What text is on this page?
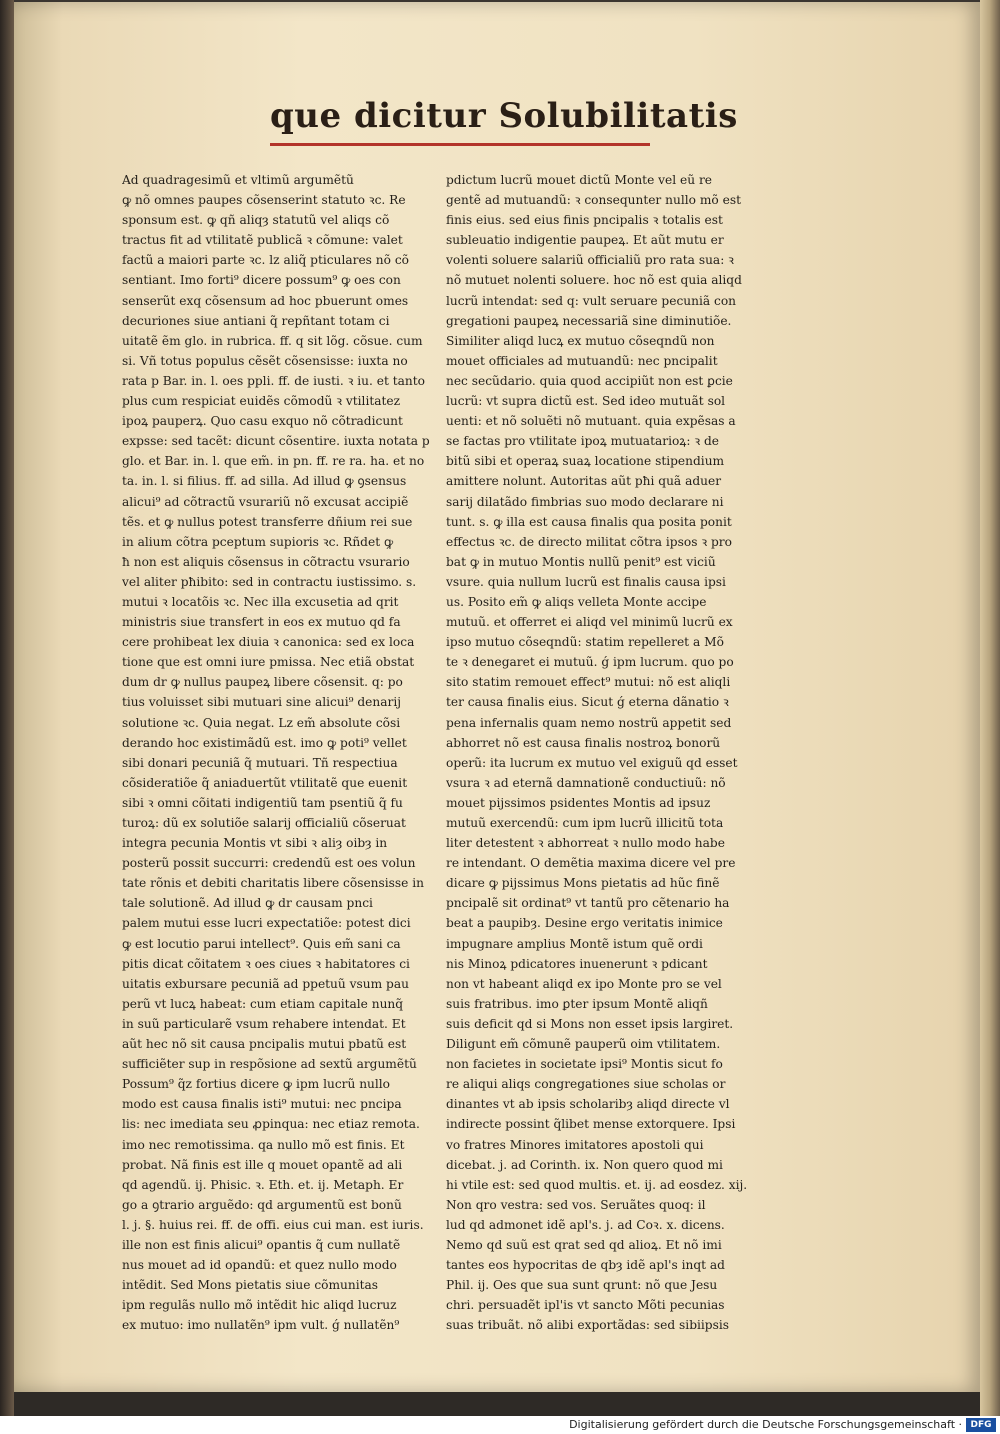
que dicitur Solubilitatis
Ad quadragesimũ et vltimũ argumẽtũ
ꝙ nõ omnes paupes cõsenserint statuto ꝛc. Re
sponsum est. ꝙ qñ aliqȝ statutũ vel aliqs cõ
tractus fit ad vtilitatẽ publicã ꝛ cõmune: valet
factũ a maiori parte ꝛc. lz aliq̃ pticulares nõ cõ
sentiant. Imo forti⁹ dicere possum⁹ ꝙ oes con
senserũt exq cõsensum ad hoc pbuerunt omes
decuriones siue antiani q̃ repñtant totam ci
uitatẽ ẽm glo. in rubrica. ff. q sit lõg. cõsue. cum
si. Vñ totus populus cẽsẽt cõsensisse: iuxta no
rata p Bar. in. l. oes ppli. ff. de iusti. ꝛ iu. et tanto
plus cum respiciat euidẽs cõmodũ ꝛ vtilitatez
ipoꝝ pauperꝝ. Quo casu exquo nõ cõtradicunt
expsse: sed tacẽt: dicunt cõsentire. iuxta notata p
glo. et Bar. in. l. que em̃. in pn. ff. re ra. ha. et no
ta. in. l. si filius. ff. ad silla. Ad illud ꝙ ꝯsensus
alicui⁹ ad cõtractũ vsurariũ nõ excusat accipiẽ
tẽs. et ꝙ nullus potest transferre dñium rei sue
in alium cõtra pceptum supioris ꝛc. Rñdet ꝙ
ħ non est aliquis cõsensus in cõtractu vsurario
vel aliter pħibito: sed in contractu iustissimo. s.
mutui ꝛ locatõis ꝛc. Nec illa excusetia ad qrit
ministris siue transfert in eos ex mutuo qd fa
cere prohibeat lex diuia ꝛ canonica: sed ex loca
tione que est omni iure pmissa. Nec etiã obstat
dum dr ꝙ nullus paupeꝝ libere cõsensit. q: po
tius voluisset sibi mutuari sine alicui⁹ denarij
solutione ꝛc. Quia negat. Lz em̃ absolute cõsi
derando hoc existimãdũ est. imo ꝙ poti⁹ vellet
sibi donari pecuniã q̃ mutuari. Tñ respectiua
cõsideratiõe q̃ aniaduertũt vtilitatẽ que euenit
sibi ꝛ omni cõitati indigentiũ tam psentiũ q̃ fu
turoꝝ: dũ ex solutiõe salarij officialiũ cõseruat
integra pecunia Montis vt sibi ꝛ aliȝ oibȝ in
posterũ possit succurri: credendũ est oes volun
tate rõnis et debiti charitatis libere cõsensisse in
tale solutionẽ. Ad illud ꝙ dr causam pnci
palem mutui esse lucri expectatiõe: potest dici
ꝙ est locutio parui intellect⁹. Quis em̃ sani ca
pitis dicat cõitatem ꝛ oes ciues ꝛ habitatores ci
uitatis exbursare pecuniã ad ppetuũ vsum pau
perũ vt lucꝝ habeat: cum etiam capitale nunq̃
in suũ particularẽ vsum rehabere intendat. Et
aũt hec nõ sit causa pncipalis mutui pbatũ est
sufficiẽter sup in respõsione ad sextũ argumẽtũ
Possum⁹ q̃z fortius dicere ꝙ ipm lucrũ nullo
modo est causa finalis isti⁹ mutui: nec pncipa
lis: nec imediata seu ꝓpinqua: nec etiaz remota.
imo nec remotissima. qa nullo mõ est finis. Et
probat. Nã finis est ille q mouet opantẽ ad ali
qd agendũ. ij. Phisic. ꝛ. Eth. et. ij. Metaph. Er
go a ꝯtrario arguẽdo: qd argumentũ est bonũ
l. j. §. huius rei. ff. de offi. eius cui man. est iuris.
ille non est finis alicui⁹ opantis q̃ cum nullatẽ
nus mouet ad id opandũ: et quez nullo modo
intẽdit. Sed Mons pietatis siue cõmunitas
ipm regulãs nullo mõ intẽdit hic aliqd lucruz
ex mutuo: imo nullatẽn⁹ ipm vult. ǵ nullatẽn⁹
pdictum lucrũ mouet dictũ Monte vel eũ re
gentẽ ad mutuandũ: ꝛ consequnter nullo mõ est
finis eius. sed eius finis pncipalis ꝛ totalis est
subleuatio indigentie paupeꝝ. Et aũt mutu er
volenti soluere salariũ officialiũ pro rata sua: ꝛ
nõ mutuet nolenti soluere. hoc nõ est quia aliqd
lucrũ intendat: sed q: vult seruare pecuniã con
gregationi paupeꝝ necessariã sine diminutiõe.
Similiter aliqd lucꝝ ex mutuo cõseqndũ non
mouet officiales ad mutuandũ: nec pncipalit
nec secũdario. quia quod accipiũt non est ꝑcie
lucrũ: vt supra dictũ est. Sed ideo mutuãt sol
uenti: et nõ soluẽti nõ mutuant. quia expẽsas a
se factas pro vtilitate ipoꝝ mutuatarioꝝ: ꝛ de
bitũ sibi et operaꝝ suaꝝ locatione stipendium
amittere nolunt. Autoritas aũt pħi quã aduer
sarij dilatãdo fimbrias suo modo declarare ni
tunt. s. ꝙ illa est causa finalis qua posita ponit
effectus ꝛc. de directo militat cõtra ipsos ꝛ pro
bat ꝙ in mutuo Montis nullũ penit⁹ est viciũ
vsure. quia nullum lucrũ est finalis causa ipsi
us. Posito em̃ ꝙ aliqs velleta Monte accipe
mutuũ. et offerret ei aliqd vel minimũ lucrũ ex
ipso mutuo cõseqndũ: statim repelleret a Mõ
te ꝛ denegaret ei mutuũ. ǵ ipm lucrum. quo po
sito statim remouet effect⁹ mutui: nõ est aliqli
ter causa finalis eius. Sicut ǵ eterna dãnatio ꝛ
pena infernalis quam nemo nostrũ appetit sed
abhorret nõ est causa finalis nostroꝝ bonorũ
operũ: ita lucrum ex mutuo vel exiguũ qd esset
vsura ꝛ ad eternã damnationẽ conductiuũ: nõ
mouet pijssimos psidentes Montis ad ipsuz
mutuũ exercendũ: cum ipm lucrũ illicitũ tota
liter detestent ꝛ abhorreat ꝛ nullo modo habe
re intendant. O demẽtia maxima dicere vel pre
dicare ꝙ pijssimus Mons pietatis ad hũc finẽ
pncipalẽ sit ordinat⁹ vt tantũ pro cẽtenario ha
beat a paupibȝ. Desine ergo veritatis inimice
impugnare amplius Montẽ istum quẽ ordi
nis Minoꝝ pdicatores inuenerunt ꝛ pdicant
non vt habeant aliqd ex ipo Monte pro se vel
suis fratribus. imo ꝑter ipsum Montẽ aliqñ
suis deficit qd si Mons non esset ipsis largiret.
Diligunt em̃ cõmunẽ pauperũ oim vtilitatem.
non facietes in societate ipsi⁹ Montis sicut fo
re aliqui aliqs congregationes siue scholas or
dinantes vt ab ipsis scholaribȝ aliqd directe vl
indirecte possint q̃libet mense extorquere. Ipsi
vo fratres Minores imitatores apostoli qui
dicebat. j. ad Corinth. ix. Non quero quod mi
hi vtile est: sed quod multis. et. ij. ad eosdez. xij.
Non qro vestra: sed vos. Seruãtes quoq: il
lud qd admonet idẽ apl's. j. ad Coꝛ. x. dicens.
Nemo qd suũ est qrat sed qd alioꝝ. Et nõ imi
tantes eos hypocritas de qbȝ idẽ apl's inqt ad
Phil. ij. Oes que sua sunt qrunt: nõ que Jesu
chri. persuadẽt ipl'is vt sancto Mõti pecunias
suas tribuãt. nõ alibi exportãdas: sed sibiipsis
Digitalisierung gefördert durch die Deutsche Forschungsgemeinschaft · DFG
